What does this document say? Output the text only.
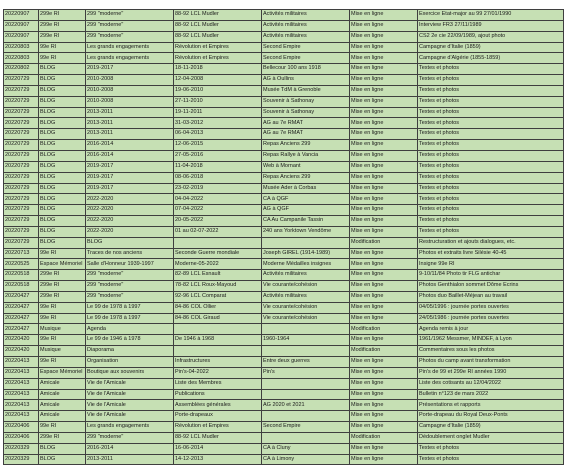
20220907	299e RI	299 "moderne"	88-92 LCL Mudler	Activités militaires	Mise en ligne	Exercice Etat-major au 99 27/01/1990
20220907	299e RI	299 "moderne"	88-92 LCL Mudler	Activités militaires	Mise en ligne	Interview FR3 27/11/1989
20220907	299e RI	299 "moderne"	88-92 LCL Mudler	Activités militaires	Mise en ligne	CS2 2e cie 22/09/1989, ajout photo
20220803	99e RI	Les grands engagements	Révolution et Empires	Second Empire	Mise en ligne	Campagne d'Italie (1859)
20220803	99e RI	Les grands engagements	Révolution et Empires	Second Empire	Mise en ligne	Campagne d'Algérie (1855-1859)
20220802	BLOG	2019-2017	18-11-2018	Bellecour 100 ans 1918	Mise en ligne	Textes et photos
20220729	BLOG	2010-2008	12-04-2008	AG à Oullins	Mise en ligne	Textes et photos
20220729	BLOG	2010-2008	19-06-2010	Musée TdM à Grenoble	Mise en ligne	Textes et photos
20220729	BLOG	2010-2008	27-11-2010	Souvenir à Sathonay	Mise en ligne	Textes et photos
20220729	BLOG	2013-2011	19-11-2011	Souvenir à Sathonay	Mise en ligne	Textes et photos
20220729	BLOG	2013-2011	31-03-2012	AG au 7e RMAT	Mise en ligne	Textes et photos
20220729	BLOG	2013-2011	06-04-2013	AG au 7e RMAT	Mise en ligne	Textes et photos
20220729	BLOG	2016-2014	12-06-2015	Repas Anciens 299	Mise en ligne	Textes et photos
20220729	BLOG	2016-2014	27-05-2016	Repas Rallye à Vancia	Mise en ligne	Textes et photos
20220729	BLOG	2019-2017	11-04-2018	Web à Mornant	Mise en ligne	Textes et photos
20220729	BLOG	2019-2017	08-06-2018	Repas Anciens 299	Mise en ligne	Textes et photos
20220729	BLOG	2019-2017	23-02-2019	Musée Ader à Corbas	Mise en ligne	Textes et photos
20220729	BLOG	2022-2020	04-04-2022	CA à QGF	Mise en ligne	Textes et photos
20220729	BLOG	2022-2020	07-04-2022	AG à QGF	Mise en ligne	Textes et photos
20220729	BLOG	2022-2020	20-05-2022	CA Au Campanile Tassin	Mise en ligne	Textes et photos
20220729	BLOG	2022-2020	01 au 02-07-2022	240 ans Yorktown Vendôme	Mise en ligne	Textes et photos
20220729	BLOG	BLOG			Modification	Restructuration et ajouts dialogues, etc.
20220713	99e RI	Traces de nos anciens	Seconde Guerre mondiale	Joseph GIREL (1914-1989)	Mise en ligne	Photos et extraits livre Silésie 40-45
20220525	Espace Mémoriel	Salle d'Honneur 1939-1997	Moderne-05-2022	Moderne Médailles insignes	Mise en ligne	Insigne 99e RI
20220518	299e RI	299 "moderne"	82-89 LCL Esnault	Activités militaires	Mise en ligne	9-10/11/84 Photo tir FLG antichar
20220518	299e RI	299 "moderne"	78-82 LCL Roux-Mayoud	Vie courante/cohésion	Mise en ligne	Photos Genthialon sommet Dôme Ecrins
20220427	299e RI	299 "moderne"	92-96 LCL Comparat	Activités militaires	Mise en ligne	Photos duo Baillet-Méjean au travail
20220427	99e RI	Le 99 de 1978 à 1997	84-86 COL Ollier	Vie courante/cohésion	Mise en ligne	04/05/1996 : journée portes ouvertes
20220427	99e RI	Le 99 de 1978 à 1997	84-86 COL Giraud	Vie courante/cohésion	Mise en ligne	24/05/1986 : journée portes ouvertes
20220427	Musique	Agenda			Modification	Agenda remis à jour
20220420	99e RI	Le 99 de 1946 à 1978	De 1946 à 1968	1960-1964	Mise en ligne	1961/1962 Messmer, MINDEF, à Lyon
20220420	Musique	Diaporama			Modification	Commentaires sous les photos
20220413	99e RI	Organisation	Infrastructures	Entre deux guerres	Mise en ligne	Photos du camp avant transformation
20220413	Espace Mémoriel	Boutique aux souvenirs	Pin's-04-2022	Pin's	Mise en ligne	Pin's de 99 et 299e RI années 1990
20220413	Amicale	Vie de l'Amicale	Liste des Membres		Mise en ligne	Liste des cotisants au 12/04/2022
20220413	Amicale	Vie de l'Amicale	Publications		Mise en ligne	Bulletin n°123 de mars 2022
20220413	Amicale	Vie de l'Amicale	Assemblées générales	AG 2020 et 2021	Mise en ligne	Présentations et rapports
20220413	Amicale	Vie de l'Amicale	Porte-drapeaux		Mise en ligne	Porte-drapeau du Royal Deux-Ponts
20220406	99e RI	Les grands engagements	Révolution et Empires	Second Empire	Mise en ligne	Campagne d'Italie (1859)
20220406	299e RI	299 "moderne"	88-92 LCL Mudler		Modification	Dédoublement onglet Mudler
20220329	BLOG	2016-2014	16-06-2014	CA à Cluny	Mise en ligne	Textes et photos
20220329	BLOG	2013-2011	14-12-2013	CA à Limony	Mise en ligne	Textes et photos
